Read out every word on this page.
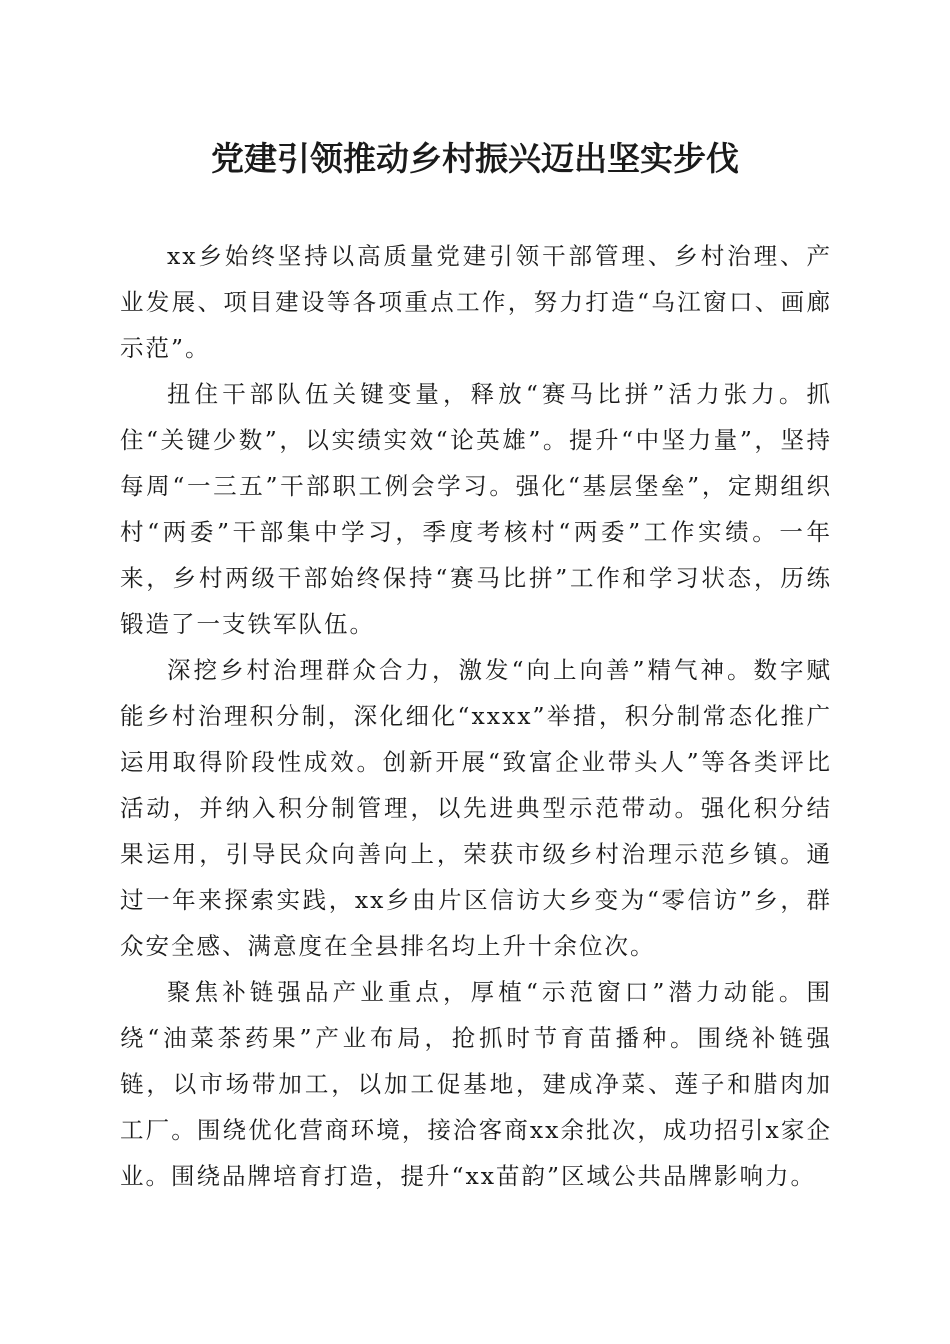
党建引领推动乡村振兴迈出坚实步伐

xx乡始终坚持以高质量党建引领干部管理、乡村治理、产业发展、项目建设等各项重点工作，努力打造“乌江窗口、画廊示范”。

扭住干部队伍关键变量，释放“赛马比拼”活力张力。抓住“关键少数”，以实绩实效“论英雄”。提升“中坚力量”，坚持每周“一三五”干部职工例会学习。强化“基层堡垒”，定期组织村“两委”干部集中学习，季度考核村“两委”工作实绩。一年来，乡村两级干部始终保持“赛马比拼”工作和学习状态，历练锻造了一支铁军队伍。

深挖乡村治理群众合力，激发“向上向善”精气神。数字赋能乡村治理积分制，深化细化“xxxx”举措，积分制常态化推广运用取得阶段性成效。创新开展“致富企业带头人”等各类评比活动，并纳入积分制管理，以先进典型示范带动。强化积分结果运用，引导民众向善向上，荣获市级乡村治理示范乡镇。通过一年来探索实践，xx乡由片区信访大乡变为“零信访”乡，群众安全感、满意度在全县排名均上升十余位次。

聚焦补链强品产业重点，厚植“示范窗口”潜力动能。围绕“油菜茶药果”产业布局，抢抓时节育苗播种。围绕补链强链，以市场带加工，以加工促基地，建成净菜、莲子和腊肉加工厂。围绕优化营商环境，接洽客商xx余批次，成功招引x家企业。围绕品牌培育打造，提升“xx苗韵”区域公共品牌影响力。
